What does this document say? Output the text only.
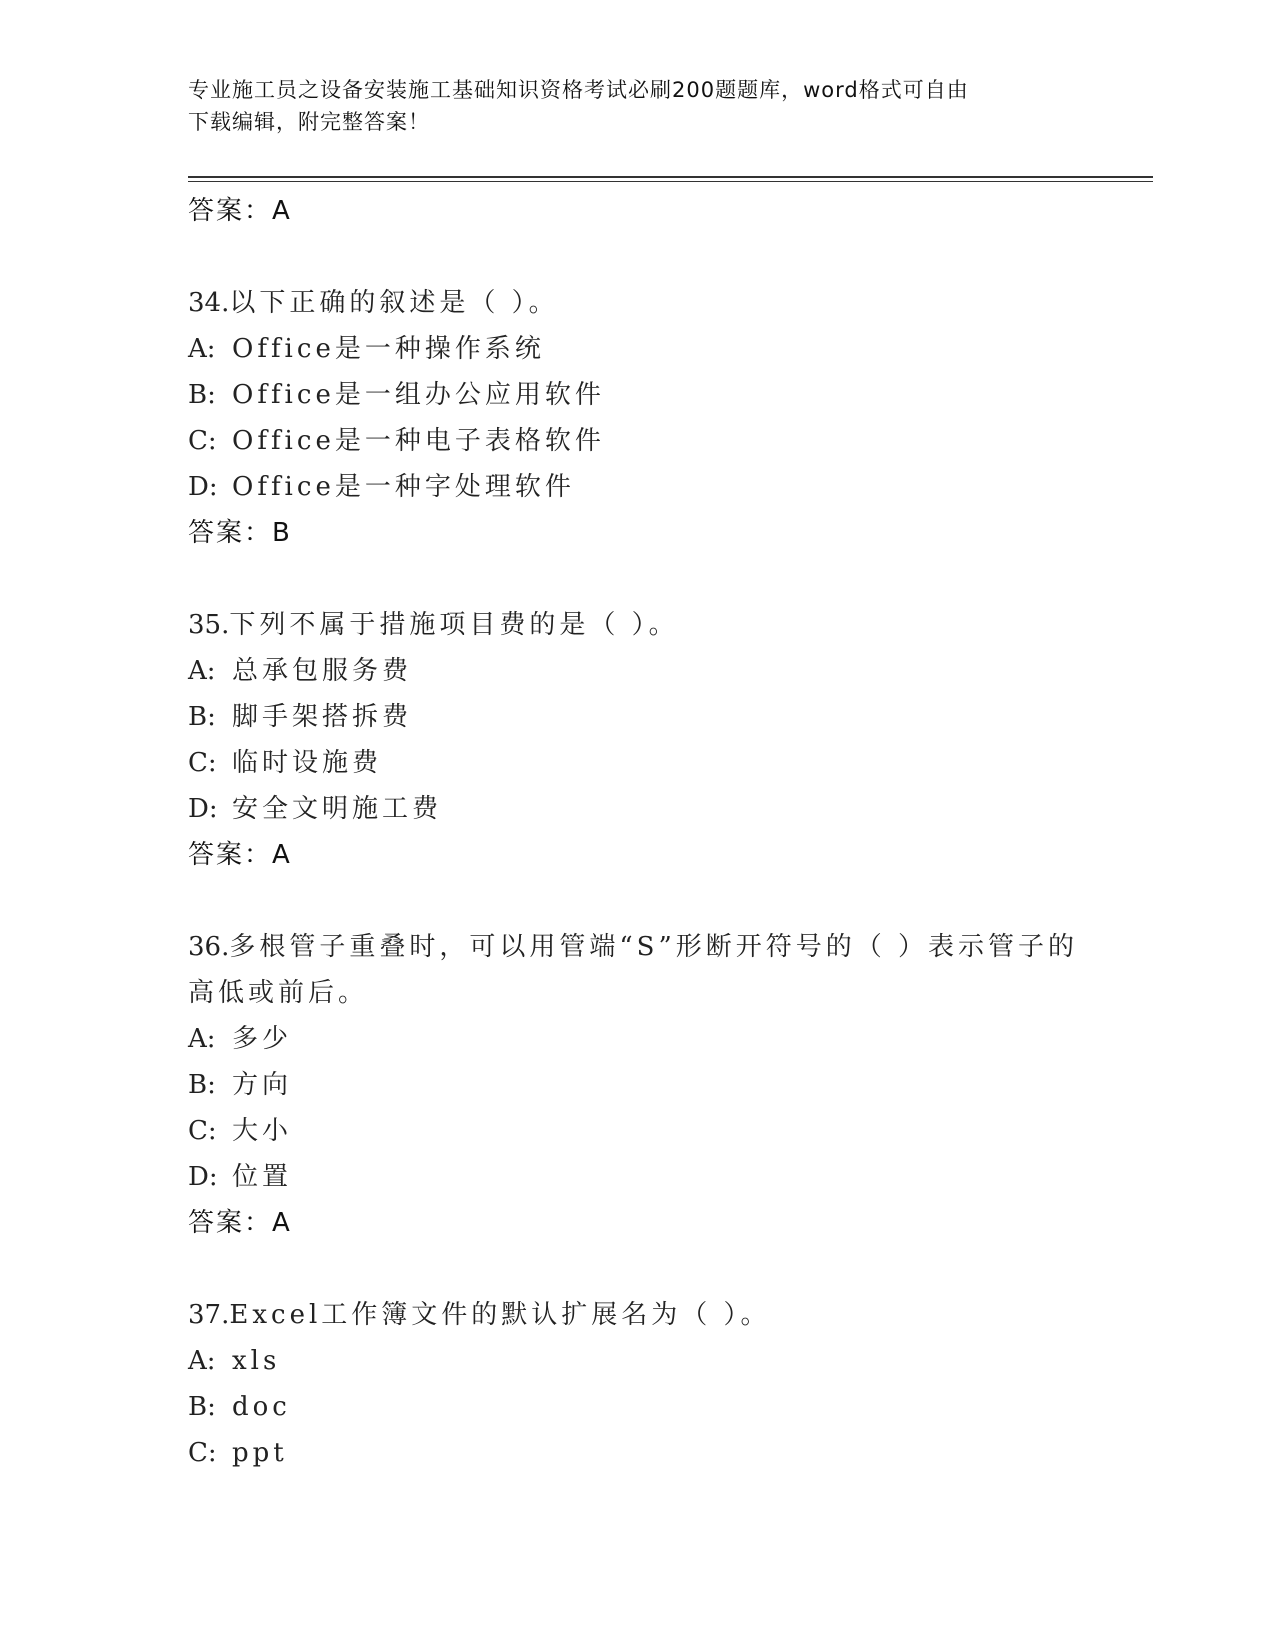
专业施工员之设备安装施工基础知识资格考试必刷200题题库，word格式可自由
下载编辑，附完整答案！
答案：A
34.以下正确的叙述是（ ）。
A: Office是一种操作系统
B: Office是一组办公应用软件
C: Office是一种电子表格软件
D: Office是一种字处理软件
答案：B
35.下列不属于措施项目费的是（ ）。
A: 总承包服务费
B: 脚手架搭拆费
C: 临时设施费
D: 安全文明施工费
答案：A
36.多根管子重叠时，可以用管端“S”形断开符号的（ ）表示管子的高低或前后。
A: 多少
B: 方向
C: 大小
D: 位置
答案：A
37.Excel工作簿文件的默认扩展名为（ ）。
A: xls
B: doc
C: ppt
